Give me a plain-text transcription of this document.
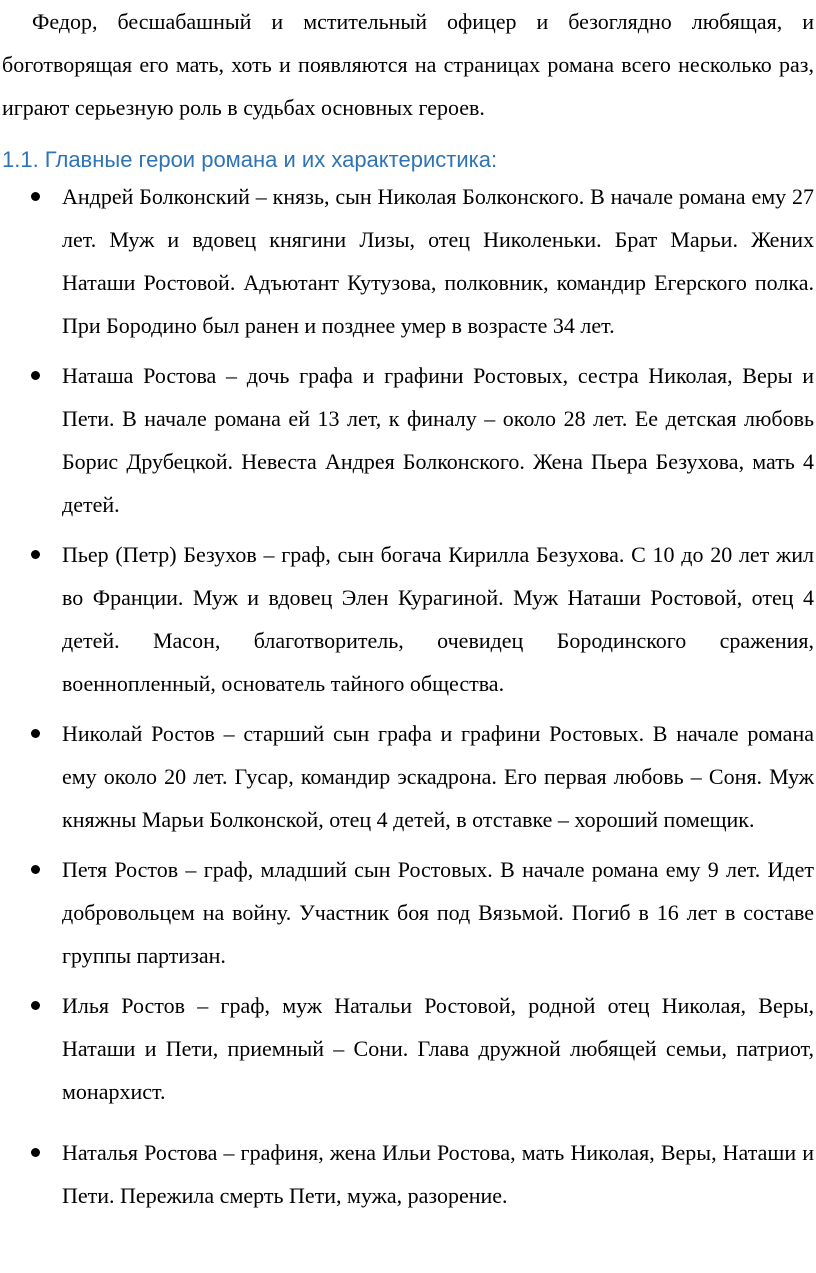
Федор, бесшабашный и мстительный офицер и безоглядно любящая, и боготворящая его мать, хоть и появляются на страницах романа всего несколько раз, играют серьезную роль в судьбах основных героев.

1.1. Главные герои романа и их характеристика:
Андрей Болконский – князь, сын Николая Болконского. В начале романа ему 27 лет. Муж и вдовец княгини Лизы, отец Николеньки. Брат Марьи. Жених Наташи Ростовой. Адъютант Кутузова, полковник, командир Егерского полка. При Бородино был ранен и позднее умер в возрасте 34 лет.
Наташа Ростова – дочь графа и графини Ростовых, сестра Николая, Веры и Пети. В начале романа ей 13 лет, к финалу – около 28 лет. Ее детская любовь Борис Друбецкой. Невеста Андрея Болконского. Жена Пьера Безухова, мать 4 детей.
Пьер (Петр) Безухов – граф, сын богача Кирилла Безухова. С 10 до 20 лет жил во Франции. Муж и вдовец Элен Курагиной. Муж Наташи Ростовой, отец 4 детей. Масон, благотворитель, очевидец Бородинского сражения, военнопленный, основатель тайного общества.
Николай Ростов – старший сын графа и графини Ростовых. В начале романа ему около 20 лет. Гусар, командир эскадрона. Его первая любовь – Соня. Муж княжны Марьи Болконской, отец 4 детей, в отставке – хороший помещик.
Петя Ростов – граф, младший сын Ростовых. В начале романа ему 9 лет. Идет добровольцем на войну. Участник боя под Вязьмой. Погиб в 16 лет в составе группы партизан.
Илья Ростов – граф, муж Натальи Ростовой, родной отец Николая, Веры, Наташи и Пети, приемный – Сони. Глава дружной любящей семьи, патриот, монархист.
Наталья Ростова – графиня, жена Ильи Ростова, мать Николая, Веры, Наташи и Пети. Пережила смерть Пети, мужа, разорение.
